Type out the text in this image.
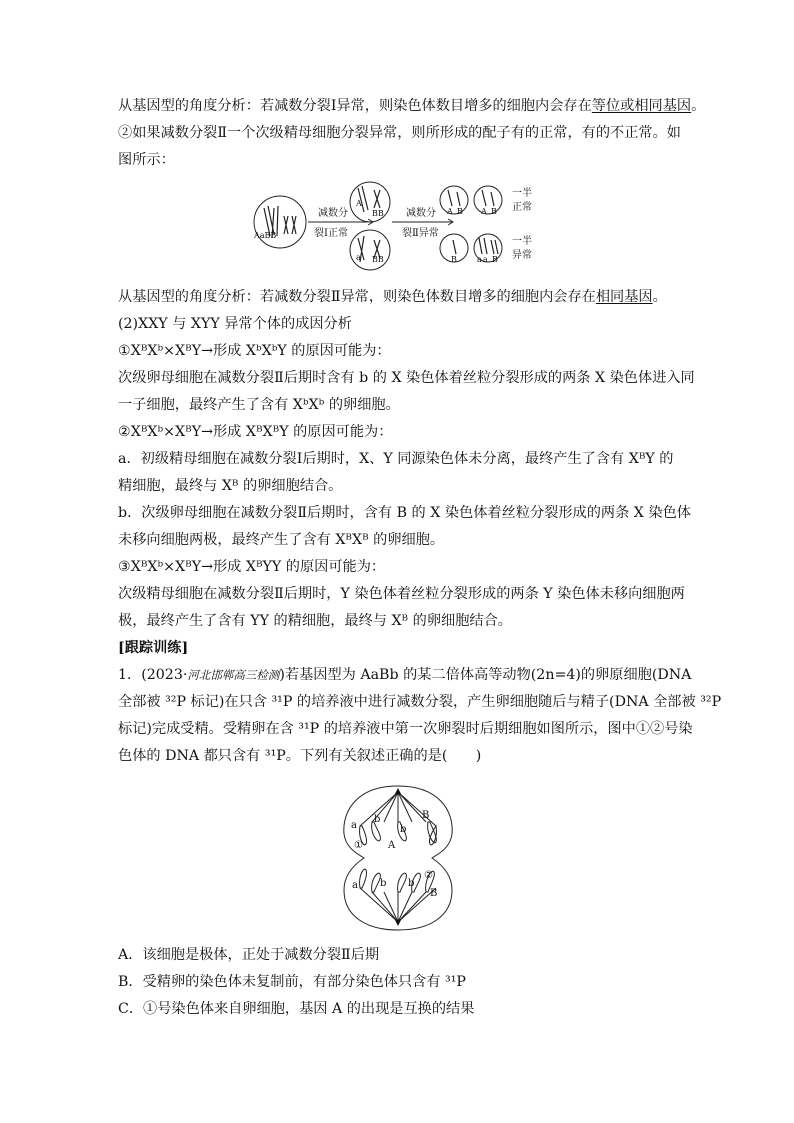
从基因型的角度分析：若减数分裂Ⅰ异常，则染色体数目增多的细胞内会存在等位或相同基因。
②如果减数分裂Ⅱ一个次级精母细胞分裂异常，则所形成的配子有的正常，有的不正常。如
图所示：
AaBB
A
BB
a BB
A B A B
B	a a B
减数分
裂Ⅰ正常
减数分
裂Ⅱ异常
一半
正常
一半
异常
从基因型的角度分析：若减数分裂Ⅱ异常，则染色体数目增多的细胞内会存在相同基因。
(2)XXY 与 XYY 异常个体的成因分析
①XᴮXᵇ×XᴮY→形成 XᵇXᵇY 的原因可能为：
次级卵母细胞在减数分裂Ⅱ后期时含有 b 的 X 染色体着丝粒分裂形成的两条 X 染色体进入同
一子细胞，最终产生了含有 XᵇXᵇ 的卵细胞。
②XᴮXᵇ×XᴮY→形成 XᴮXᴮY 的原因可能为：
a．初级精母细胞在减数分裂Ⅰ后期时，X、Y 同源染色体未分离，最终产生了含有 XᴮY 的
精细胞，最终与 Xᴮ 的卵细胞结合。
b．次级卵母细胞在减数分裂Ⅱ后期时，含有 B 的 X 染色体着丝粒分裂形成的两条 X 染色体
未移向细胞两极，最终产生了含有 XᴮXᴮ 的卵细胞。
③XᴮXᵇ×XᴮY→形成 XᴮYY 的原因可能为：
次级精母细胞在减数分裂Ⅱ后期时，Y 染色体着丝粒分裂形成的两条 Y 染色体未移向细胞两
极，最终产生了含有 YY 的精细胞，最终与 Xᴮ 的卵细胞结合。
[跟踪训练]
1．(2023·河北邯郸高三检测)若基因型为 AaBb 的某二倍体高等动物(2n=4)的卵原细胞(DNA
全部被 ³²P 标记)在只含 ³¹P 的培养液中进行减数分裂，产生卵细胞随后与精子(DNA 全部被 ³²P
标记)完成受精。受精卵在含 ³¹P 的培养液中第一次卵裂时后期细胞如图所示，图中①②号染
色体的 DNA 都只含有 ³¹P。下列有关叙述正确的是(　　)
a
b	B
b
A
①
a b
B
②
b
A．该细胞是极体，正处于减数分裂Ⅱ后期
B．受精卵的染色体未复制前，有部分染色体只含有 ³¹P
C．①号染色体来自卵细胞，基因 A 的出现是互换的结果
